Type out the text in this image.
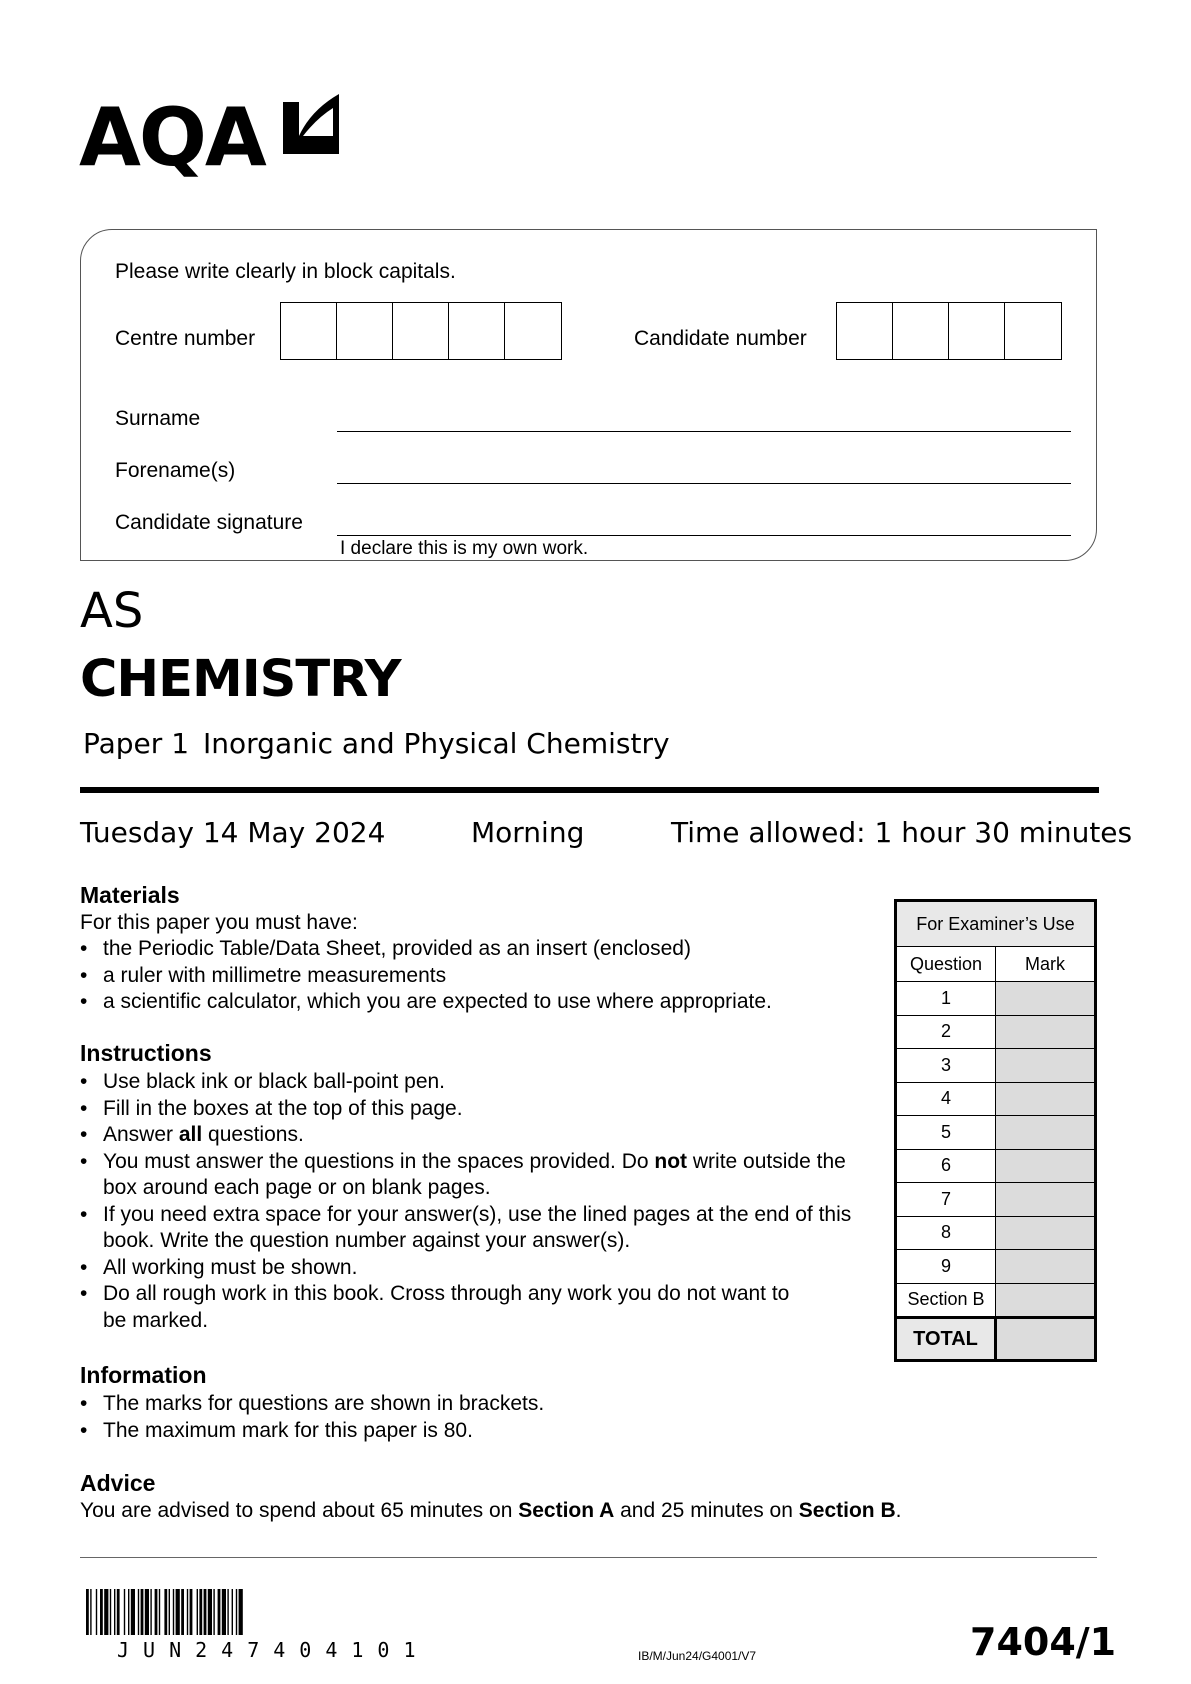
AQA
Please write clearly in block capitals.
Centre number	Candidate number
Surname
Forename(s)
Candidate signature
I declare this is my own work.
AS
CHEMISTRY
Paper 1 Inorganic and Physical Chemistry
Tuesday 14 May 2024	Morning	Time allowed: 1 hour 30 minutes
Materials
For this paper you must have:
• the Periodic Table/Data Sheet, provided as an insert (enclosed)
• a ruler with millimetre measurements
• a scientific calculator, which you are expected to use where appropriate.
Instructions
• Use black ink or black ball-point pen.
• Fill in the boxes at the top of this page.
• Answer all questions.
• You must answer the questions in the spaces provided. Do not write outside the box around each page or on blank pages.
• If you need extra space for your answer(s), use the lined pages at the end of this book. Write the question number against your answer(s).
• All working must be shown.
• Do all rough work in this book. Cross through any work you do not want to be marked.
Information
• The marks for questions are shown in brackets.
• The maximum mark for this paper is 80.
Advice
You are advised to spend about 65 minutes on Section A and 25 minutes on Section B.
For Examiner’s Use	
Question	Mark
1	
2	
3	
4	
5	
6	
7	
8	
9	
Section B	
TOTAL	
JUN247404101	IB/M/Jun24/G4001/V7	7404/1
